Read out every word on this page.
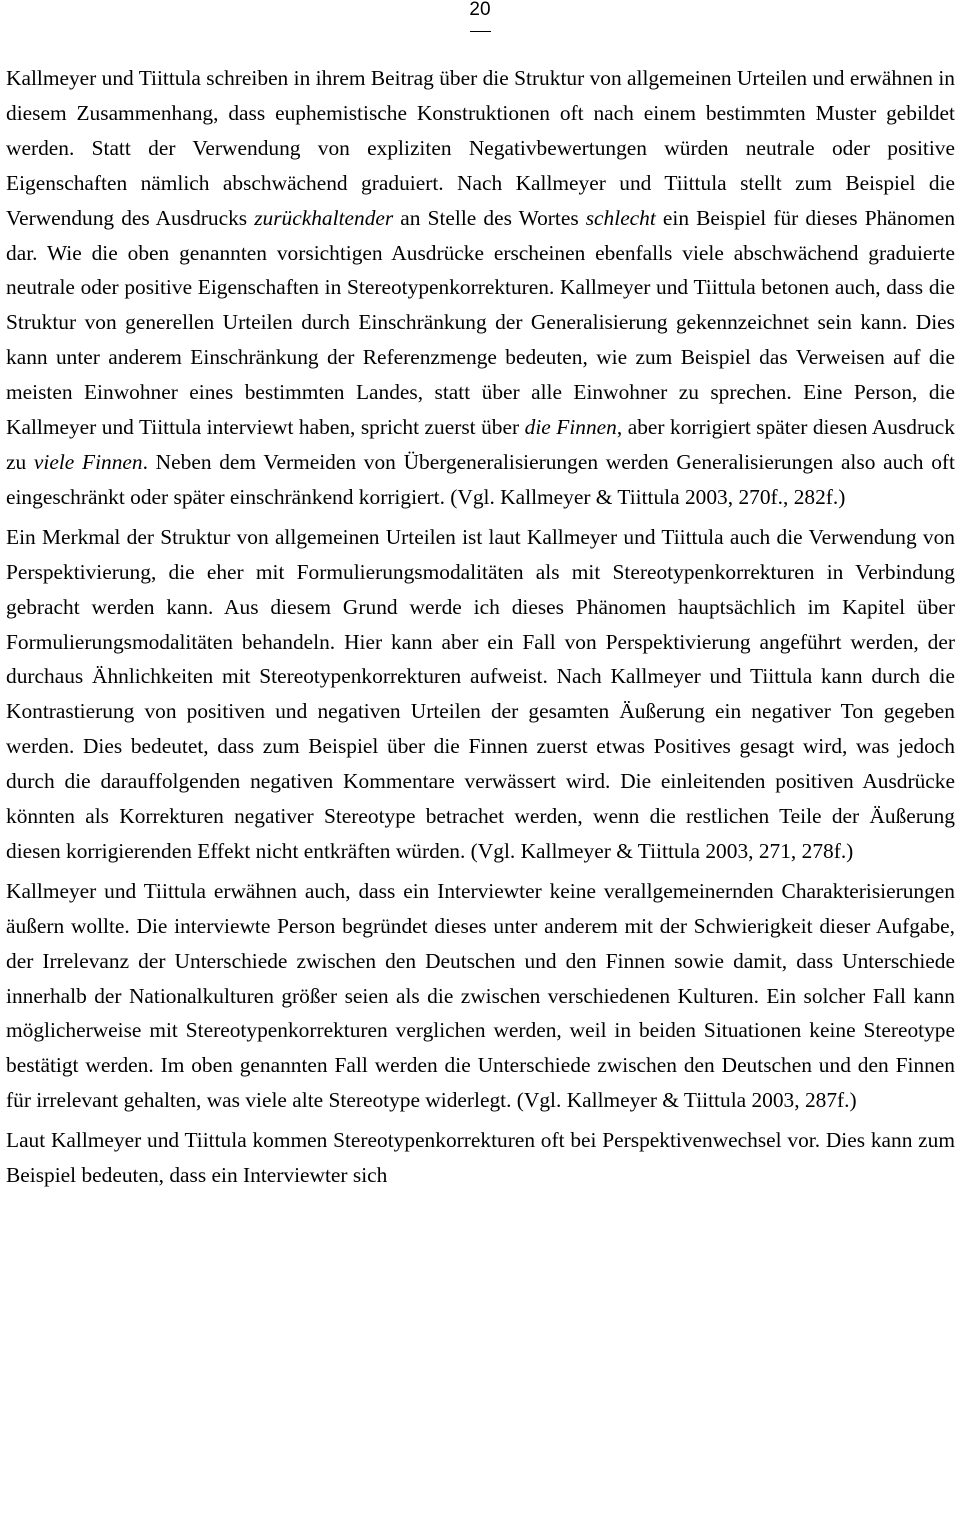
20

Kallmeyer und Tiittula schreiben in ihrem Beitrag über die Struktur von allgemeinen Urteilen und erwähnen in diesem Zusammenhang, dass euphemistische Konstruktionen oft nach einem bestimmten Muster gebildet werden. Statt der Verwendung von expliziten Negativbewertungen würden neutrale oder positive Eigenschaften nämlich abschwächend graduiert. Nach Kallmeyer und Tiittula stellt zum Beispiel die Verwendung des Ausdrucks zurückhaltender an Stelle des Wortes schlecht ein Beispiel für dieses Phänomen dar. Wie die oben genannten vorsichtigen Ausdrücke erscheinen ebenfalls viele abschwächend graduierte neutrale oder positive Eigenschaften in Stereotypenkorrekturen. Kallmeyer und Tiittula betonen auch, dass die Struktur von generellen Urteilen durch Einschränkung der Generalisierung gekennzeichnet sein kann. Dies kann unter anderem Einschränkung der Referenzmenge bedeuten, wie zum Beispiel das Verweisen auf die meisten Einwohner eines bestimmten Landes, statt über alle Einwohner zu sprechen. Eine Person, die Kallmeyer und Tiittula interviewt haben, spricht zuerst über die Finnen, aber korrigiert später diesen Ausdruck zu viele Finnen. Neben dem Vermeiden von Übergeneralisierungen werden Generalisierungen also auch oft eingeschränkt oder später einschränkend korrigiert. (Vgl. Kallmeyer & Tiittula 2003, 270f., 282f.)

Ein Merkmal der Struktur von allgemeinen Urteilen ist laut Kallmeyer und Tiittula auch die Verwendung von Perspektivierung, die eher mit Formulierungsmodalitäten als mit Stereotypenkorrekturen in Verbindung gebracht werden kann. Aus diesem Grund werde ich dieses Phänomen hauptsächlich im Kapitel über Formulierungsmodalitäten behandeln. Hier kann aber ein Fall von Perspektivierung angeführt werden, der durchaus Ähnlichkeiten mit Stereotypenkorrekturen aufweist. Nach Kallmeyer und Tiittula kann durch die Kontrastierung von positiven und negativen Urteilen der gesamten Äußerung ein negativer Ton gegeben werden. Dies bedeutet, dass zum Beispiel über die Finnen zuerst etwas Positives gesagt wird, was jedoch durch die darauffolgenden negativen Kommentare verwässert wird. Die einleitenden positiven Ausdrücke könnten als Korrekturen negativer Stereotype betrachet werden, wenn die restlichen Teile der Äußerung diesen korrigierenden Effekt nicht entkräften würden. (Vgl. Kallmeyer & Tiittula 2003, 271, 278f.)

Kallmeyer und Tiittula erwähnen auch, dass ein Interviewter keine verallgemeinernden Charakterisierungen äußern wollte. Die interviewte Person begründet dieses unter anderem mit der Schwierigkeit dieser Aufgabe, der Irrelevanz der Unterschiede zwischen den Deutschen und den Finnen sowie damit, dass Unterschiede innerhalb der Nationalkulturen größer seien als die zwischen verschiedenen Kulturen. Ein solcher Fall kann möglicherweise mit Stereotypenkorrekturen verglichen werden, weil in beiden Situationen keine Stereotype bestätigt werden. Im oben genannten Fall werden die Unterschiede zwischen den Deutschen und den Finnen für irrelevant gehalten, was viele alte Stereotype widerlegt. (Vgl. Kallmeyer & Tiittula 2003, 287f.)

Laut Kallmeyer und Tiittula kommen Stereotypenkorrekturen oft bei Perspektivenwechsel vor. Dies kann zum Beispiel bedeuten, dass ein Interviewter sich
